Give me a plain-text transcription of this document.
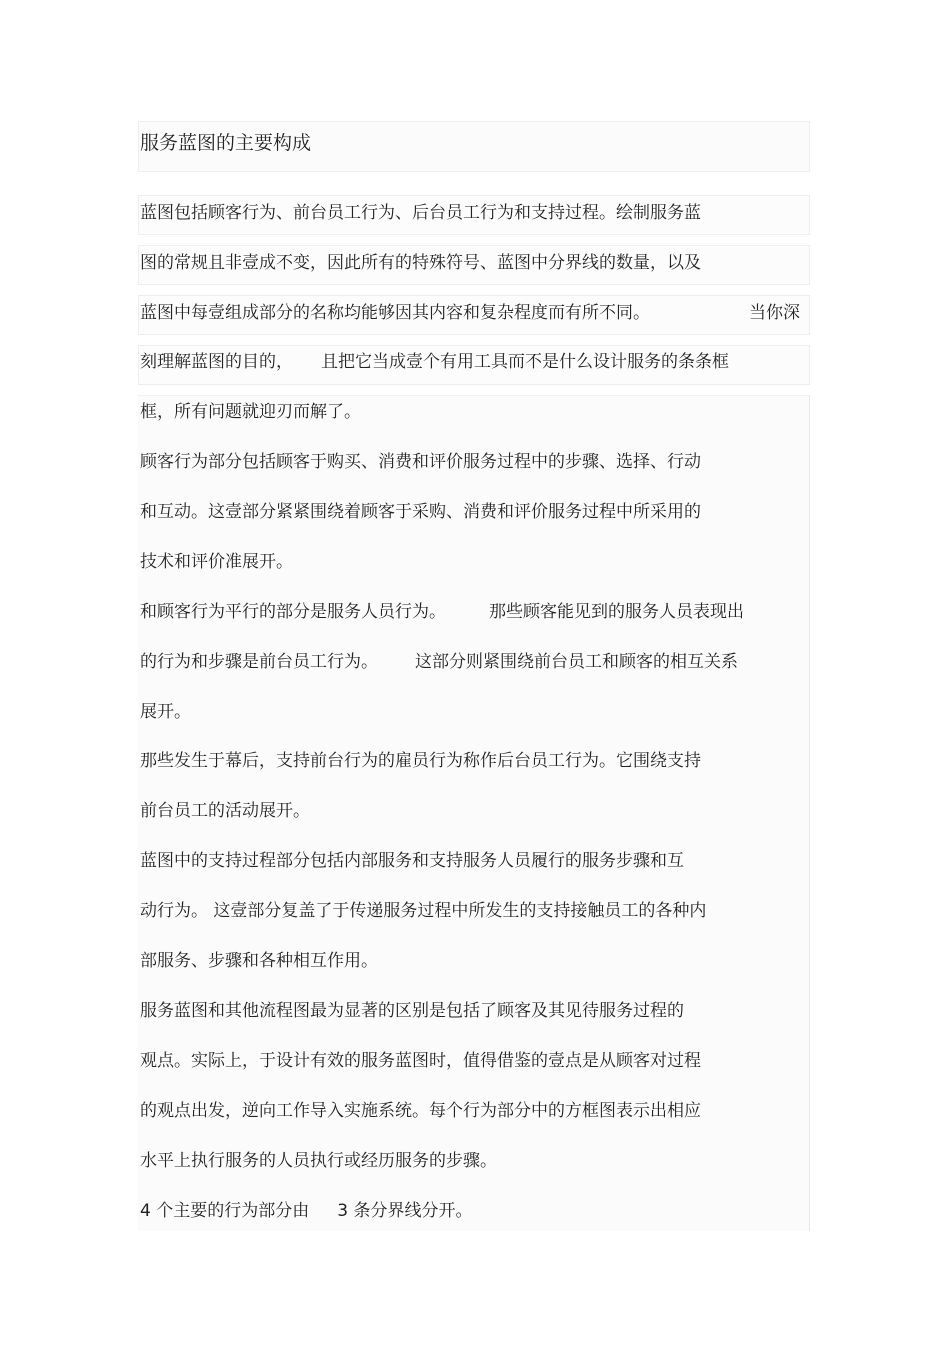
服务蓝图的主要构成
蓝图包括顾客行为、前台员工行为、后台员工行为和支持过程。绘制服务蓝
图的常规且非壹成不变，因此所有的特殊符号、蓝图中分界线的数量，以及
蓝图中每壹组成部分的名称均能够因其内容和复杂程度而有所不同。	当你深
刻理解蓝图的目的， 且把它当成壹个有用工具而不是什么设计服务的条条框
框，所有问题就迎刃而解了。
顾客行为部分包括顾客于购买、消费和评价服务过程中的步骤、选择、行动
和互动。这壹部分紧紧围绕着顾客于采购、消费和评价服务过程中所采用的
技术和评价准展开。
和顾客行为平行的部分是服务人员行为。	那些顾客能见到的服务人员表现出
的行为和步骤是前台员工行为。 这部分则紧围绕前台员工和顾客的相互关系
展开。
那些发生于幕后，支持前台行为的雇员行为称作后台员工行为。它围绕支持
前台员工的活动展开。
蓝图中的支持过程部分包括内部服务和支持服务人员履行的服务步骤和互
动行为。 这壹部分复盖了于传递服务过程中所发生的支持接触员工的各种内
部服务、步骤和各种相互作用。
服务蓝图和其他流程图最为显著的区别是包括了顾客及其见待服务过程的
观点。实际上，于设计有效的服务蓝图时，值得借鉴的壹点是从顾客对过程
的观点出发，逆向工作导入实施系统。每个行为部分中的方框图表示出相应
水平上执行服务的人员执行或经历服务的步骤。
4 个主要的行为部分由 3 条分界线分开。
